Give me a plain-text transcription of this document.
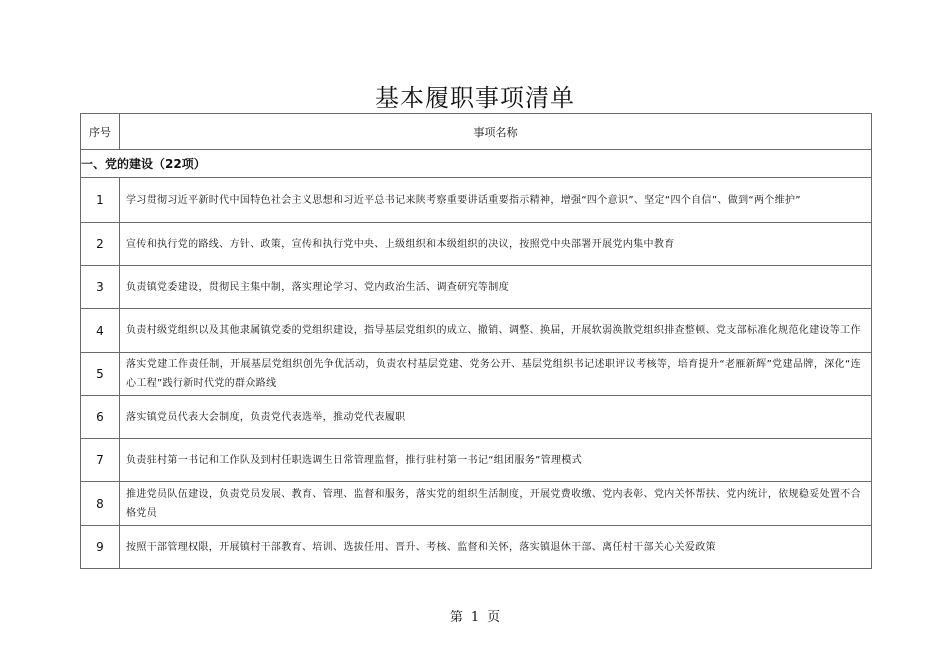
基本履职事项清单
序号	事项名称
一、党的建设（22项）	
1	学习贯彻习近平新时代中国特色社会主义思想和习近平总书记来陕考察重要讲话重要指示精神，增强“四个意识”、坚定“四个自信”、做到“两个维护”
2	宣传和执行党的路线、方针、政策，宣传和执行党中央、上级组织和本级组织的决议，按照党中央部署开展党内集中教育
3	负责镇党委建设，贯彻民主集中制，落实理论学习、党内政治生活、调查研究等制度
4	负责村级党组织以及其他隶属镇党委的党组织建设，指导基层党组织的成立、撤销、调整、换届，开展软弱涣散党组织排查整顿、党支部标准化规范化建设等工作
5	落实党建工作责任制，开展基层党组织创先争优活动，负责农村基层党建、党务公开、基层党组织书记述职评议考核等，培育提升“老雁新辉”党建品牌，深化“连心工程”践行新时代党的群众路线
6	落实镇党员代表大会制度，负责党代表选举，推动党代表履职
7	负责驻村第一书记和工作队及到村任职选调生日常管理监督，推行驻村第一书记“组团服务”管理模式
8	推进党员队伍建设，负责党员发展、教育、管理、监督和服务，落实党的组织生活制度，开展党费收缴、党内表彰、党内关怀帮扶、党内统计，依规稳妥处置不合格党员
9	按照干部管理权限，开展镇村干部教育、培训、选拔任用、晋升、考核、监督和关怀，落实镇退休干部、离任村干部关心关爱政策
第 1 页
